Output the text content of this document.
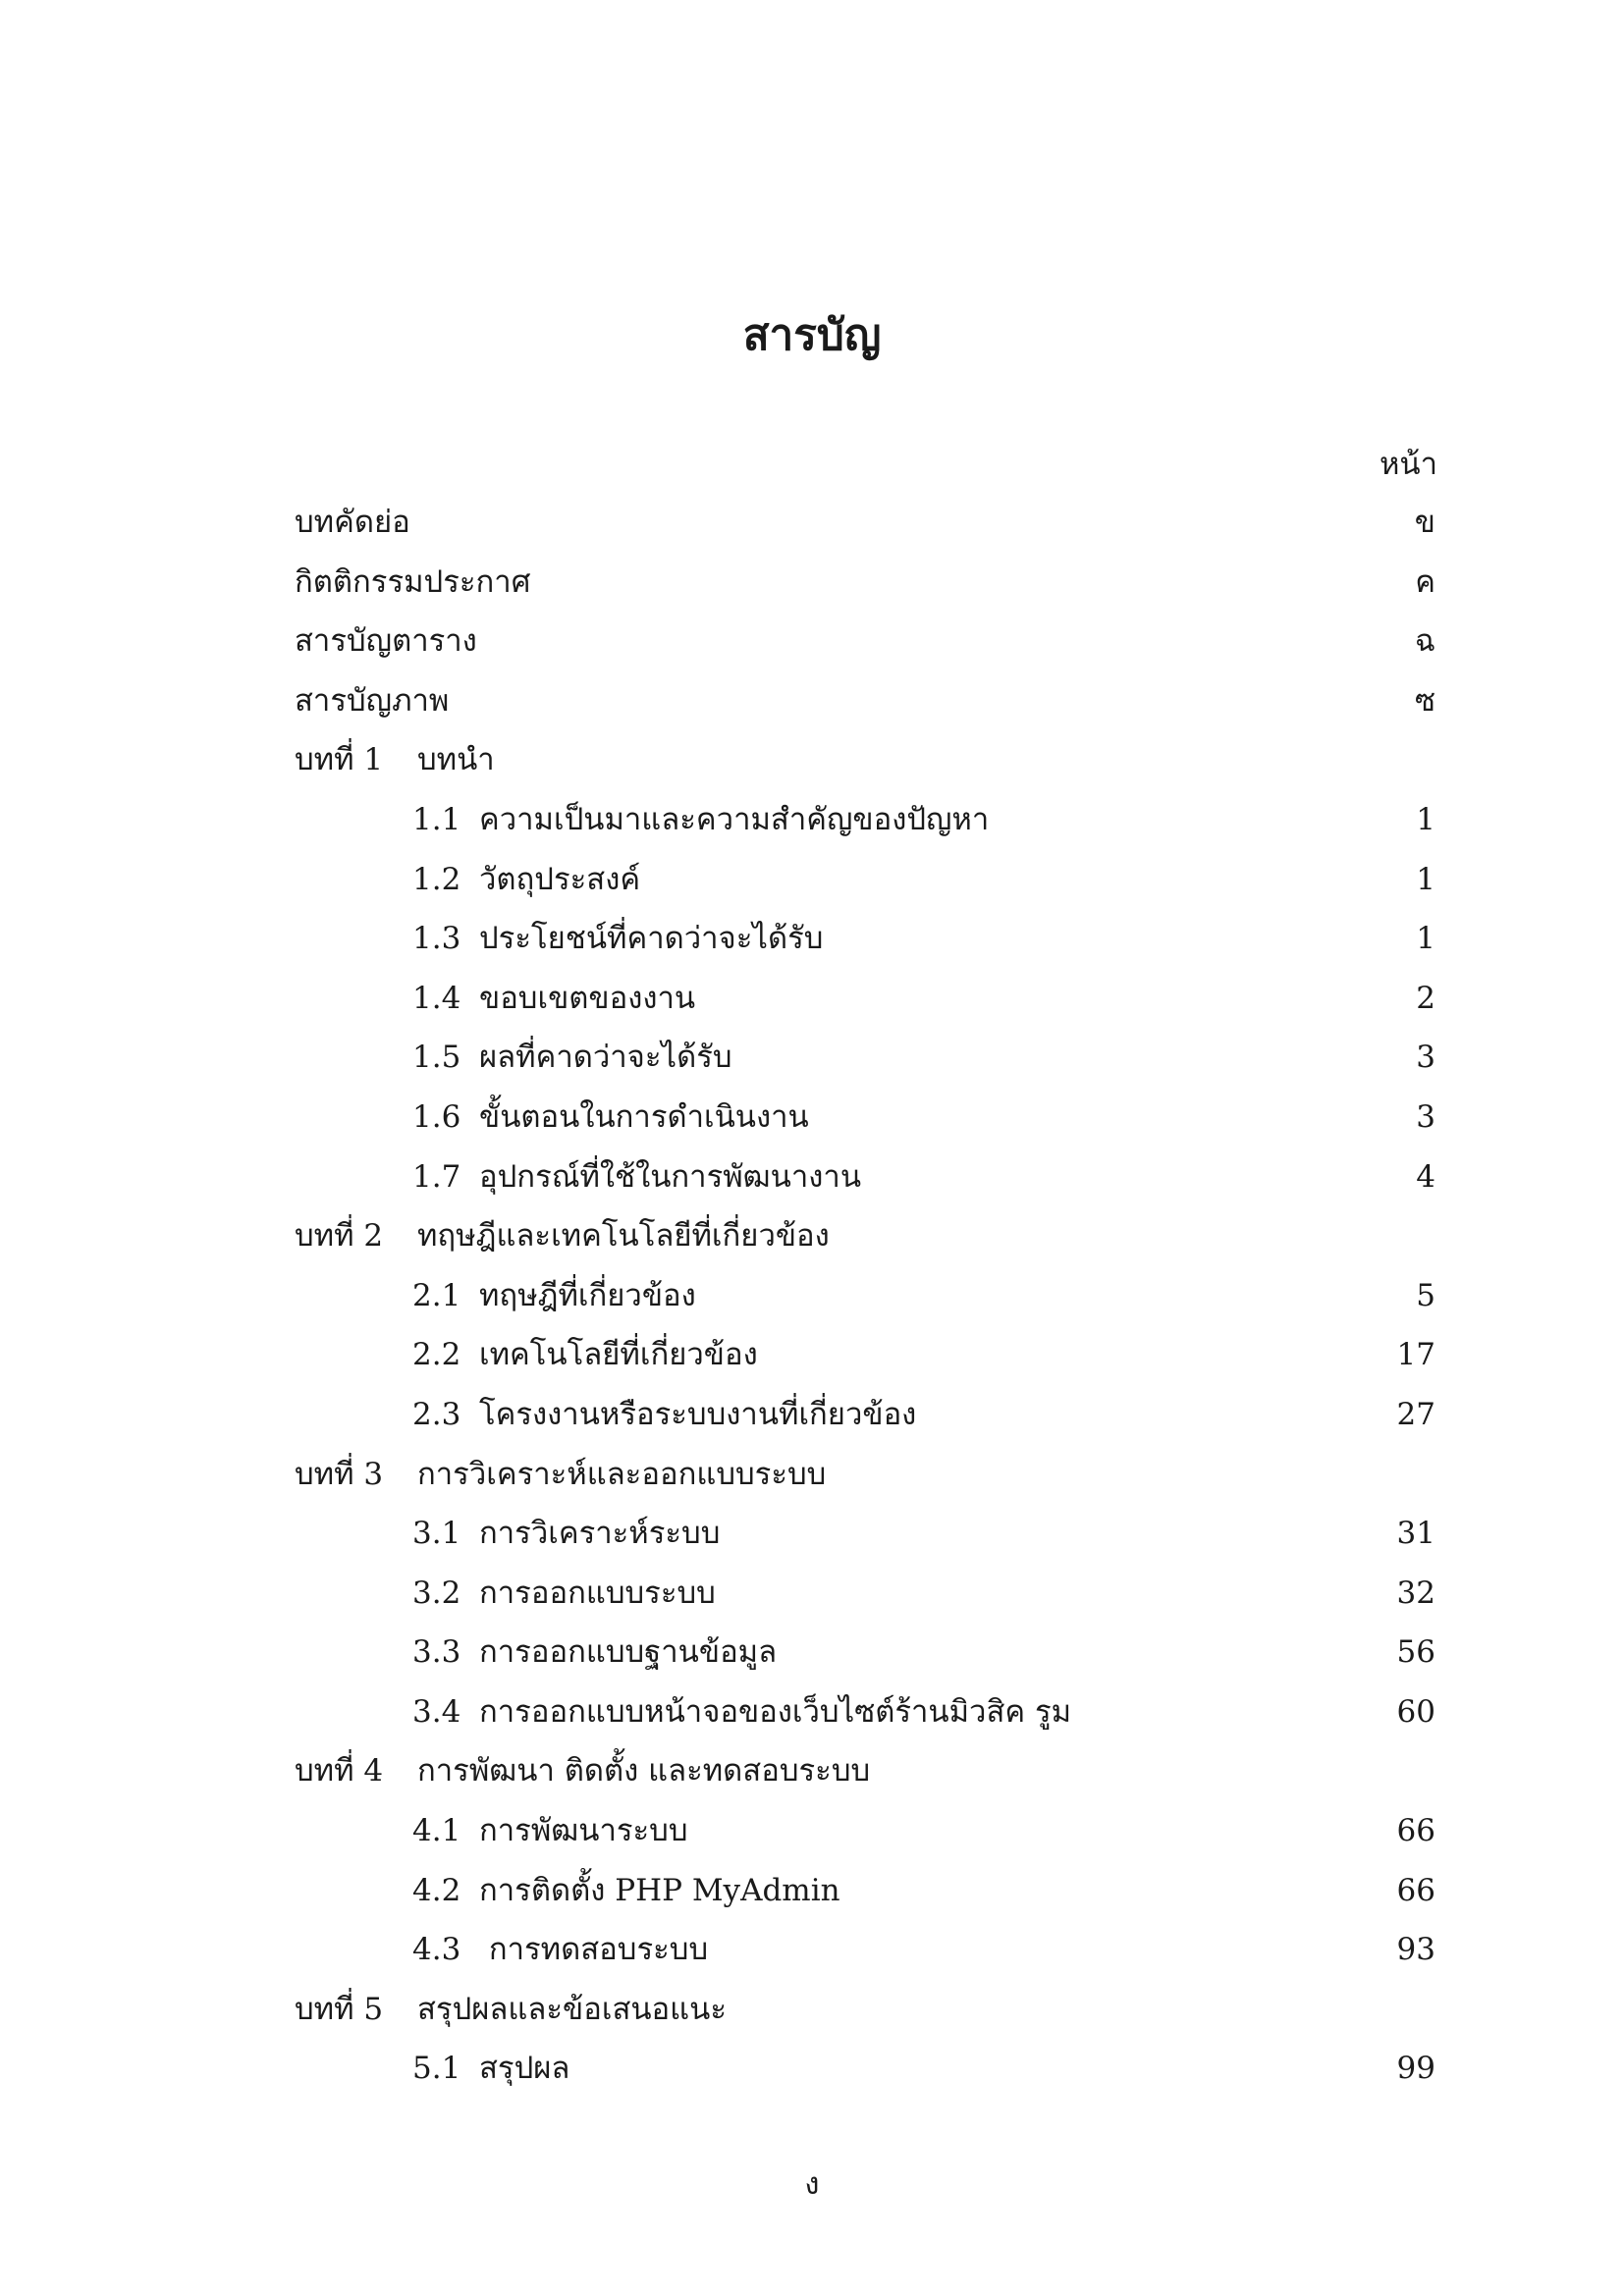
สารบัญ
หน้า
บทคัดย่อ	ข
กิตติกรรมประกาศ	ค
สารบัญตาราง	ฉ
สารบัญภาพ	ซ
บทที่ 1 บทนำ
1.1 ความเป็นมาและความสำคัญของปัญหา	1
1.2 วัตถุประสงค์	1
1.3 ประโยชน์ที่คาดว่าจะได้รับ	1
1.4 ขอบเขตของงาน	2
1.5 ผลที่คาดว่าจะได้รับ	3
1.6 ขั้นตอนในการดำเนินงาน	3
1.7 อุปกรณ์ที่ใช้ในการพัฒนางาน	4
บทที่ 2 ทฤษฎีและเทคโนโลยีที่เกี่ยวข้อง
2.1 ทฤษฎีที่เกี่ยวข้อง	5
2.2 เทคโนโลยีที่เกี่ยวข้อง	17
2.3 โครงงานหรือระบบงานที่เกี่ยวข้อง	27
บทที่ 3 การวิเคราะห์และออกแบบระบบ
3.1 การวิเคราะห์ระบบ	31
3.2 การออกแบบระบบ	32
3.3 การออกแบบฐานข้อมูล	56
3.4 การออกแบบหน้าจอของเว็บไซต์ร้านมิวสิค รูม	60
บทที่ 4 การพัฒนา ติดตั้ง และทดสอบระบบ
4.1 การพัฒนาระบบ	66
4.2 การติดตั้ง PHP MyAdmin	66
4.3 การทดสอบระบบ	93
บทที่ 5 สรุปผลและข้อเสนอแนะ
5.1 สรุปผล	99
ง
